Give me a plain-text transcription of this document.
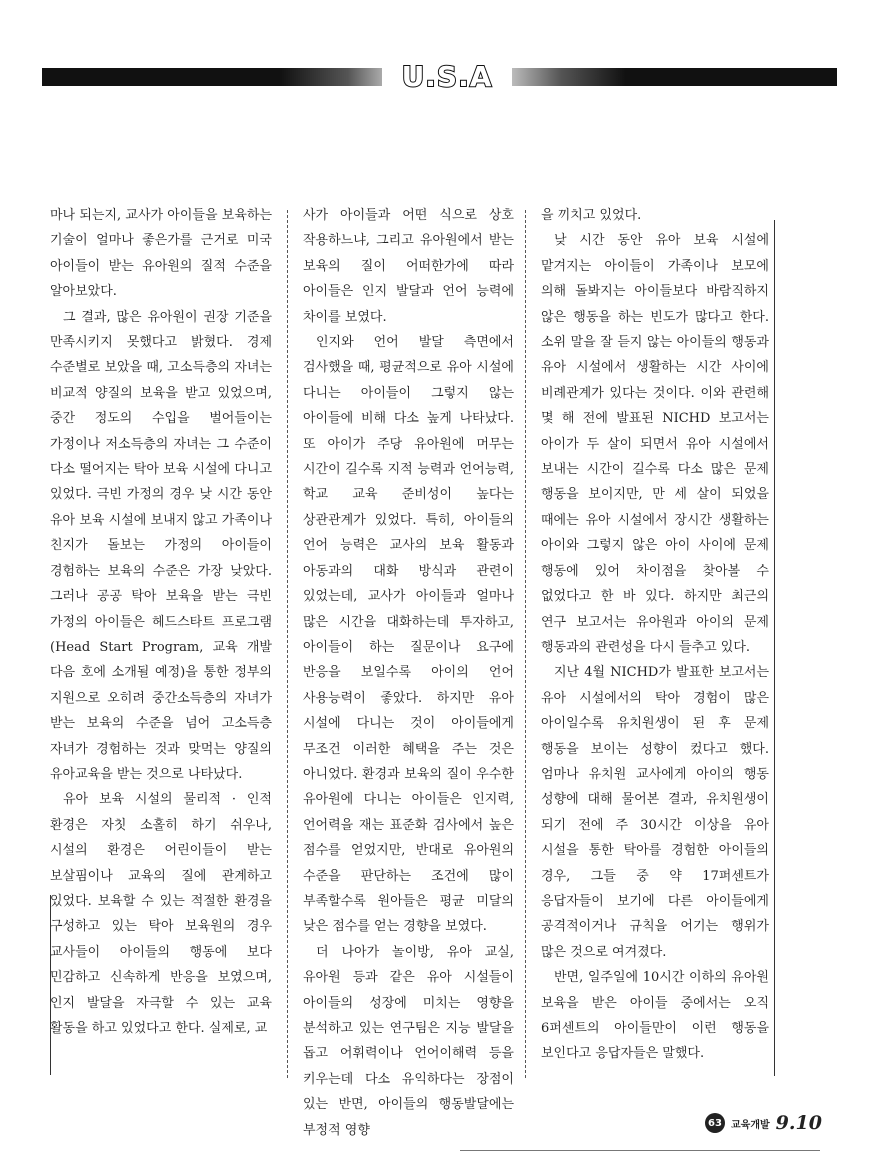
U.S.A

마나 되는지, 교사가 아이들을 보육하는 기술이 얼마나 좋은가를 근거로 미국 아이들이 받는 유아원의 질적 수준을 알아보았다.

그 결과, 많은 유아원이 권장 기준을 만족시키지 못했다고 밝혔다. 경제 수준별로 보았을 때, 고소득층의 자녀는 비교적 양질의 보육을 받고 있었으며, 중간 정도의 수입을 벌어들이는 가정이나 저소득층의 자녀는 그 수준이 다소 떨어지는 탁아 보육 시설에 다니고 있었다. 극빈 가정의 경우 낮 시간 동안 유아 보육 시설에 보내지 않고 가족이나 친지가 돌보는 가정의 아이들이 경험하는 보육의 수준은 가장 낮았다. 그러나 공공 탁아 보육을 받는 극빈 가정의 아이들은 헤드스타트 프로그램(Head Start Program, 교육 개발 다음 호에 소개될 예정)을 통한 정부의 지원으로 오히려 중간소득층의 자녀가 받는 보육의 수준을 넘어 고소득층 자녀가 경험하는 것과 맞먹는 양질의 유아교육을 받는 것으로 나타났다.

유아 보육 시설의 물리적 · 인적 환경은 자칫 소홀히 하기 쉬우나, 시설의 환경은 어린이들이 받는 보살핌이나 교육의 질에 관계하고 있었다. 보육할 수 있는 적절한 환경을 구성하고 있는 탁아 보육원의 경우 교사들이 아이들의 행동에 보다 민감하고 신속하게 반응을 보였으며, 인지 발달을 자극할 수 있는 교육 활동을 하고 있었다고 한다. 실제로, 교

사가 아이들과 어떤 식으로 상호 작용하느냐, 그리고 유아원에서 받는 보육의 질이 어떠한가에 따라 아이들은 인지 발달과 언어 능력에 차이를 보였다.

인지와 언어 발달 측면에서 검사했을 때, 평균적으로 유아 시설에 다니는 아이들이 그렇지 않는 아이들에 비해 다소 높게 나타났다. 또 아이가 주당 유아원에 머무는 시간이 길수록 지적 능력과 언어능력, 학교 교육 준비성이 높다는 상관관계가 있었다. 특히, 아이들의 언어 능력은 교사의 보육 활동과 아동과의 대화 방식과 관련이 있었는데, 교사가 아이들과 얼마나 많은 시간을 대화하는데 투자하고, 아이들이 하는 질문이나 요구에 반응을 보일수록 아이의 언어 사용능력이 좋았다. 하지만 유아 시설에 다니는 것이 아이들에게 무조건 이러한 혜택을 주는 것은 아니었다. 환경과 보육의 질이 우수한 유아원에 다니는 아이들은 인지력, 언어력을 재는 표준화 검사에서 높은 점수를 얻었지만, 반대로 유아원의 수준을 판단하는 조건에 많이 부족할수록 원아들은 평균 미달의 낮은 점수를 얻는 경향을 보였다.

더 나아가 놀이방, 유아 교실, 유아원 등과 같은 유아 시설들이 아이들의 성장에 미치는 영향을 분석하고 있는 연구팀은 지능 발달을 돕고 어휘력이나 언어이해력 등을 키우는데 다소 유익하다는 장점이 있는 반면, 아이들의 행동발달에는 부정적 영향

을 끼치고 있었다.

낮 시간 동안 유아 보육 시설에 맡겨지는 아이들이 가족이나 보모에 의해 돌봐지는 아이들보다 바람직하지 않은 행동을 하는 빈도가 많다고 한다. 소위 말을 잘 듣지 않는 아이들의 행동과 유아 시설에서 생활하는 시간 사이에 비례관계가 있다는 것이다. 이와 관련해 몇 해 전에 발표된 NICHD 보고서는 아이가 두 살이 되면서 유아 시설에서 보내는 시간이 길수록 다소 많은 문제 행동을 보이지만, 만 세 살이 되었을 때에는 유아 시설에서 장시간 생활하는 아이와 그렇지 않은 아이 사이에 문제 행동에 있어 차이점을 찾아볼 수 없었다고 한 바 있다. 하지만 최근의 연구 보고서는 유아원과 아이의 문제 행동과의 관련성을 다시 들추고 있다.

지난 4월 NICHD가 발표한 보고서는 유아 시설에서의 탁아 경험이 많은 아이일수록 유치원생이 된 후 문제 행동을 보이는 성향이 컸다고 했다. 엄마나 유치원 교사에게 아이의 행동 성향에 대해 물어본 결과, 유치원생이 되기 전에 주 30시간 이상을 유아 시설을 통한 탁아를 경험한 아이들의 경우, 그들 중 약 17퍼센트가 응답자들이 보기에 다른 아이들에게 공격적이거나 규칙을 어기는 행위가 많은 것으로 여겨졌다.

반면, 일주일에 10시간 이하의 유아원 보육을 받은 아이들 중에서는 오직 6퍼센트의 아이들만이 이런 행동을 보인다고 응답자들은 말했다.

63 교육개발 9.10
